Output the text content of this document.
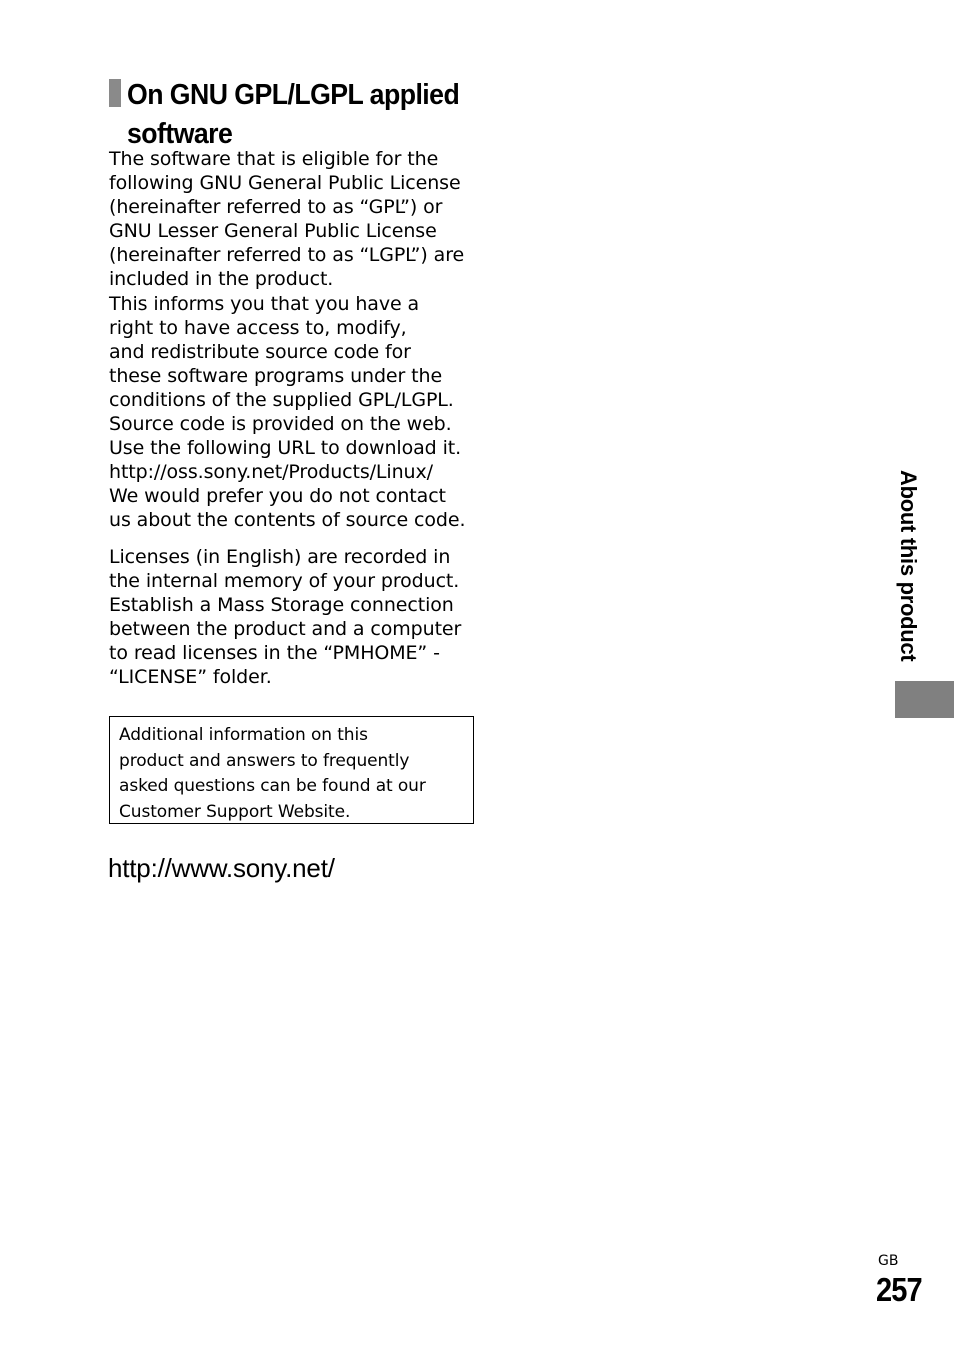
On GNU GPL/LGPL applied
software
The software that is eligible for the
following GNU General Public License
(hereinafter referred to as “GPL”) or
GNU Lesser General Public License
(hereinafter referred to as “LGPL”) are
included in the product.
This informs you that you have a
right to have access to, modify,
and redistribute source code for
these software programs under the
conditions of the supplied GPL/LGPL.
Source code is provided on the web.
Use the following URL to download it.
http://oss.sony.net/Products/Linux/
We would prefer you do not contact
us about the contents of source code.
Licenses (in English) are recorded in
the internal memory of your product.
Establish a Mass Storage connection
between the product and a computer
to read licenses in the “PMHOME” -
“LICENSE” folder.
Additional information on this
product and answers to frequently
asked questions can be found at our
Customer Support Website.
http://www.sony.net/
About this product
GB
257
